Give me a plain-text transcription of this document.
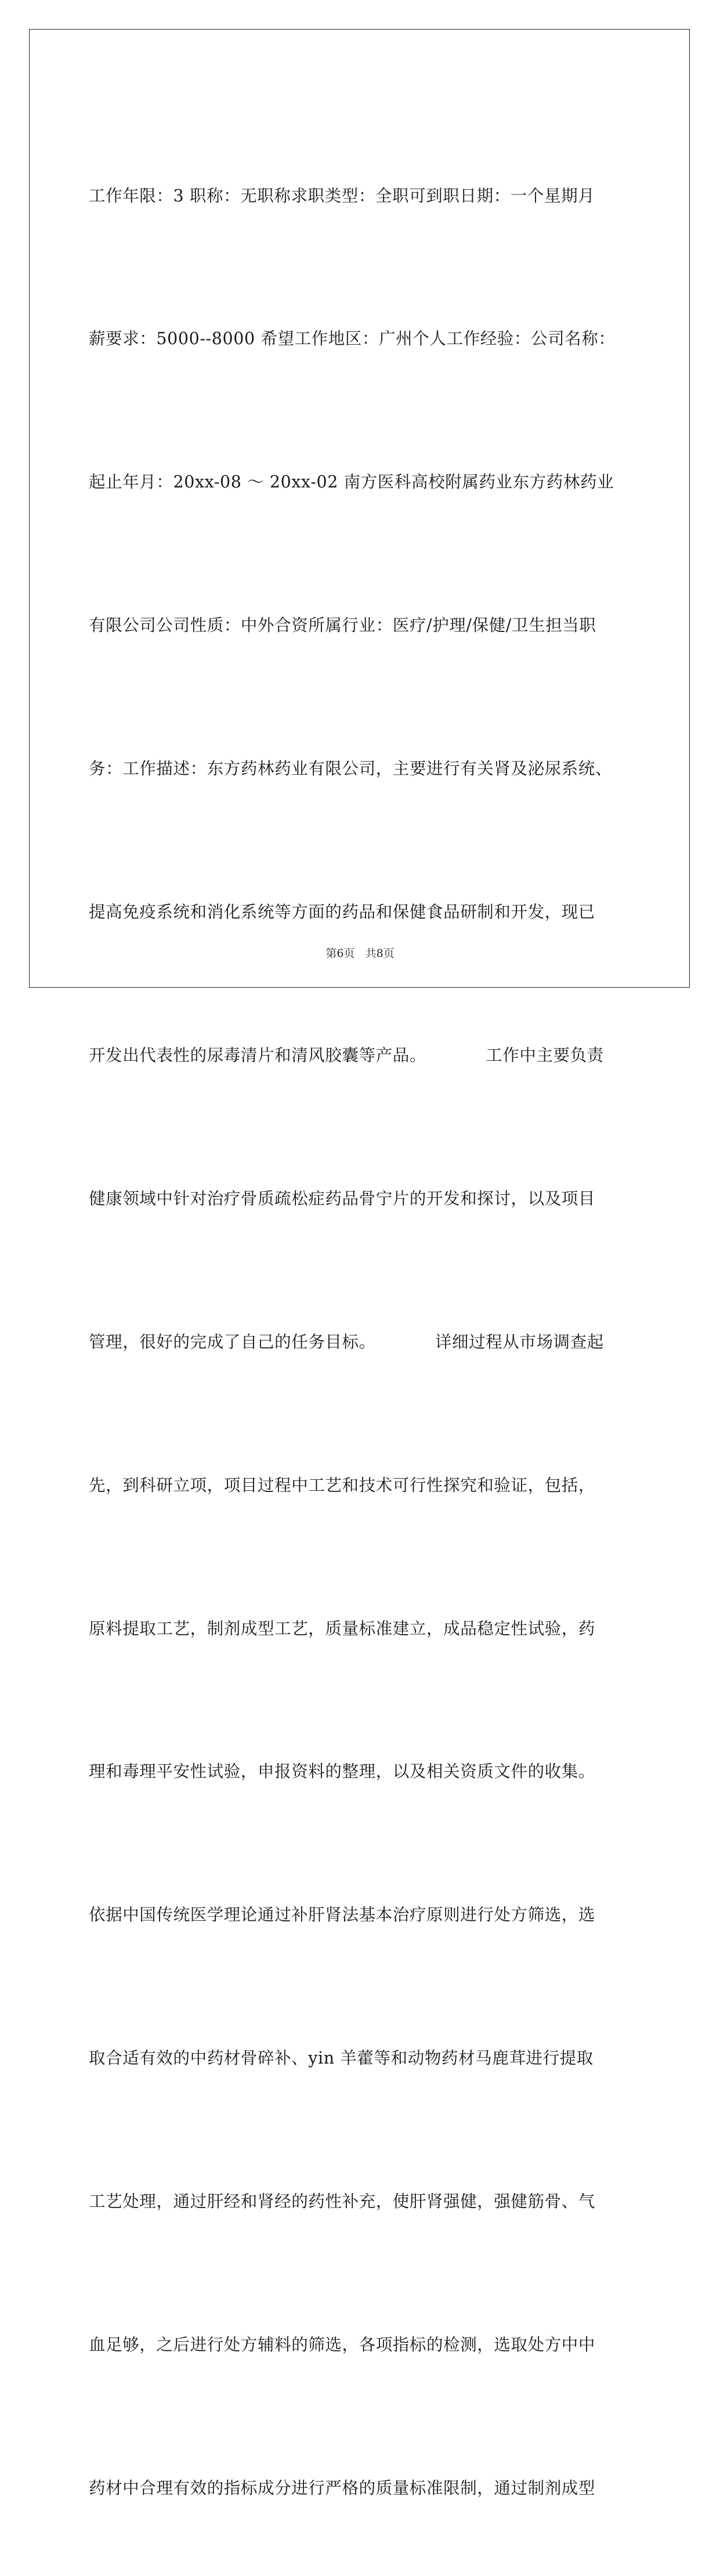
工作年限：3 职称：无职称求职类型：全职可到职日期：一个星期月

薪要求：5000--8000 希望工作地区：广州个人工作经验：公司名称：

起止年月：20xx-08 ～ 20xx-02 南方医科高校附属药业东方药林药业

有限公司公司性质：中外合资所属行业：医疗/护理/保健/卫生担当职

务：工作描述：东方药林药业有限公司，主要进行有关肾及泌尿系统、

提高免疫系统和消化系统等方面的药品和保健食品研制和开发，现已

开发出代表性的尿毒清片和清风胶囊等产品。　　　　工作中主要负责

健康领域中针对治疗骨质疏松症药品骨宁片的开发和探讨，以及项目

管理，很好的完成了自己的任务目标。　　　　详细过程从市场调查起

先，到科研立项，项目过程中工艺和技术可行性探究和验证，包括，

原料提取工艺，制剂成型工艺，质量标准建立，成品稳定性试验，药

理和毒理平安性试验，申报资料的整理，以及相关资质文件的收集。

依据中国传统医学理论通过补肝肾法基本治疗原则进行处方筛选，选

取合适有效的中药材骨碎补、yin 羊藿等和动物药材马鹿茸进行提取

工艺处理，通过肝经和肾经的药性补充，使肝肾强健，强健筋骨、气

血足够，之后进行处方辅料的筛选，各项指标的检测，选取处方中中

药材中合理有效的指标成分进行严格的质量标准限制，通过制剂成型

第6页 共8页
